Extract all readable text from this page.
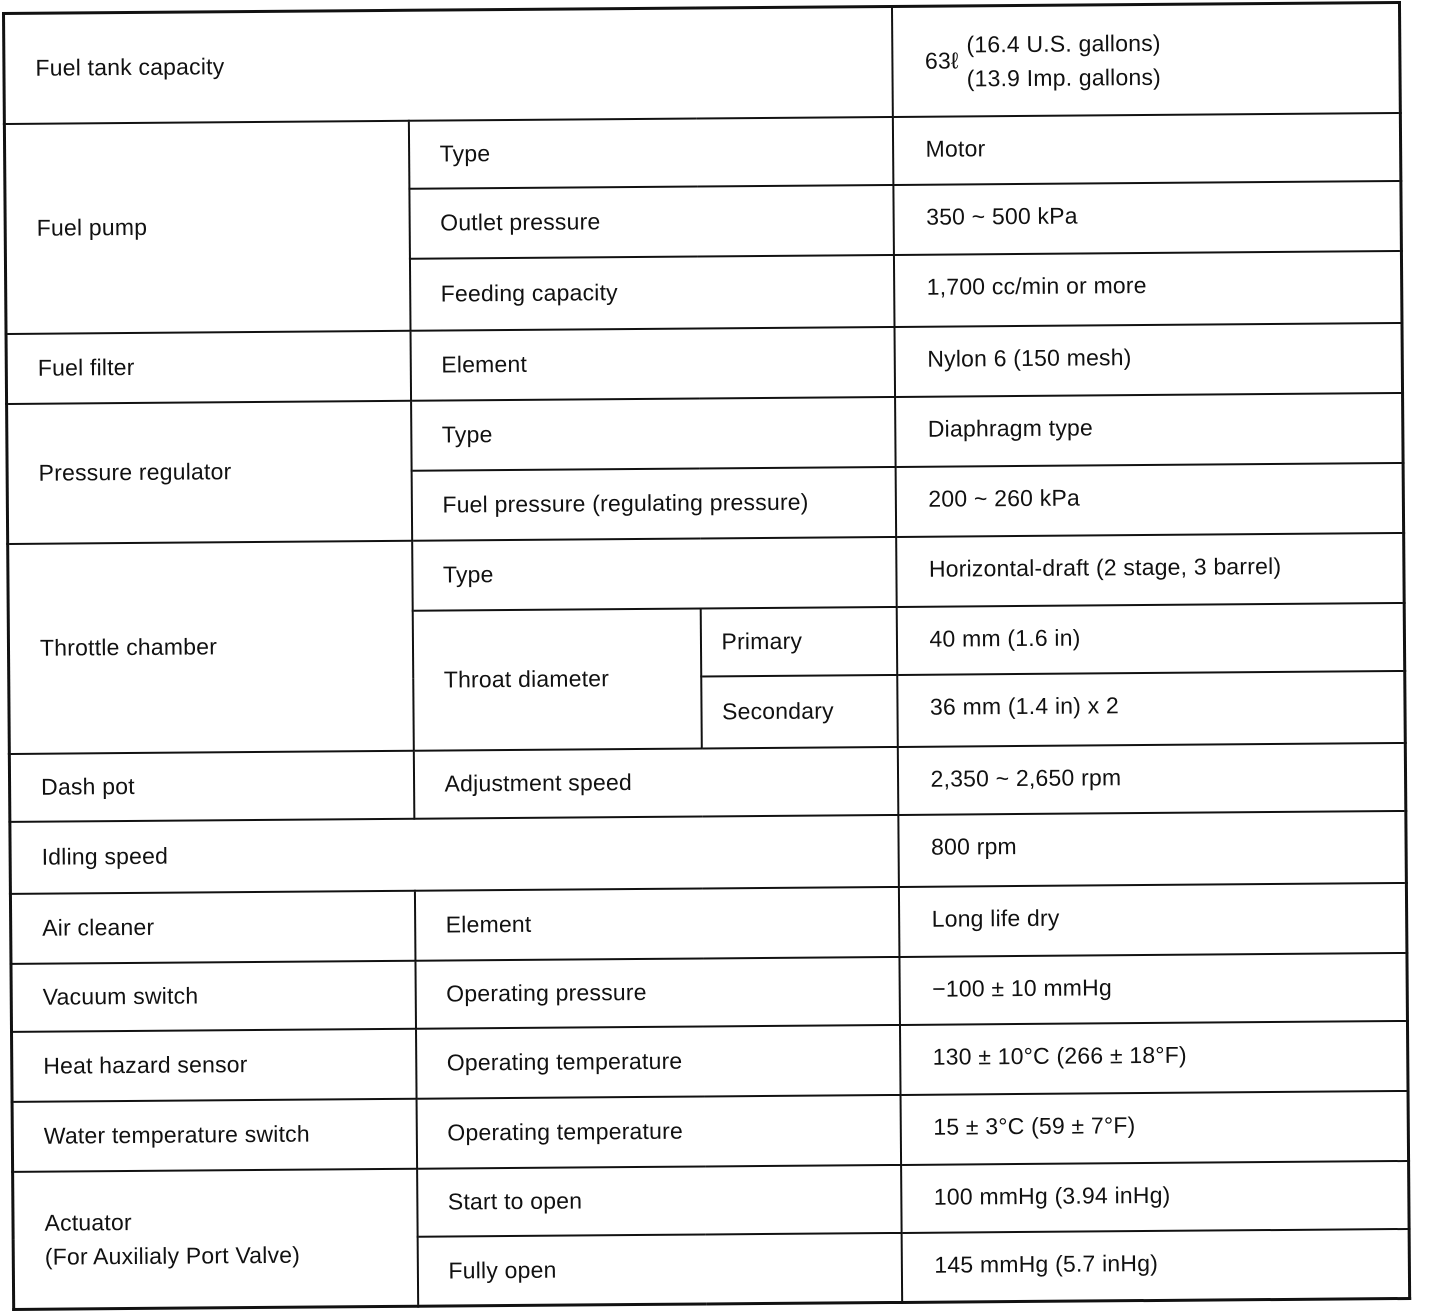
Fuel tank capacity			63ℓ
(16.4 U.S. gallons)
(13.9 Imp. gallons)

Fuel pump	Type		Motor
	Outlet pressure		350 ~ 500 kPa
	Feeding capacity		1,700 cc/min or more
Fuel filter	Element		Nylon 6 (150 mesh)
Pressure regulator	Type		Diaphragm type
	Fuel pressure (regulating pressure)		200 ~ 260 kPa
Throttle chamber	Type		Horizontal-draft (2 stage, 3 barrel)
	Throat diameter	Primary	40 mm (1.6 in)
		Secondary	36 mm (1.4 in) x 2
Dash pot	Adjustment speed		2,350 ~ 2,650 rpm
Idling speed			800 rpm
Air cleaner	Element		Long life dry
Vacuum switch	Operating pressure		−100 ± 10 mmHg
Heat hazard sensor	Operating temperature		130 ± 10°C (266 ± 18°F)
Water temperature switch	Operating temperature		15 ± 3°C (59 ± 7°F)
Actuator
(For Auxilialy Port Valve)	Start to open		100 mmHg (3.94 inHg)
	Fully open		145 mmHg (5.7 inHg)
